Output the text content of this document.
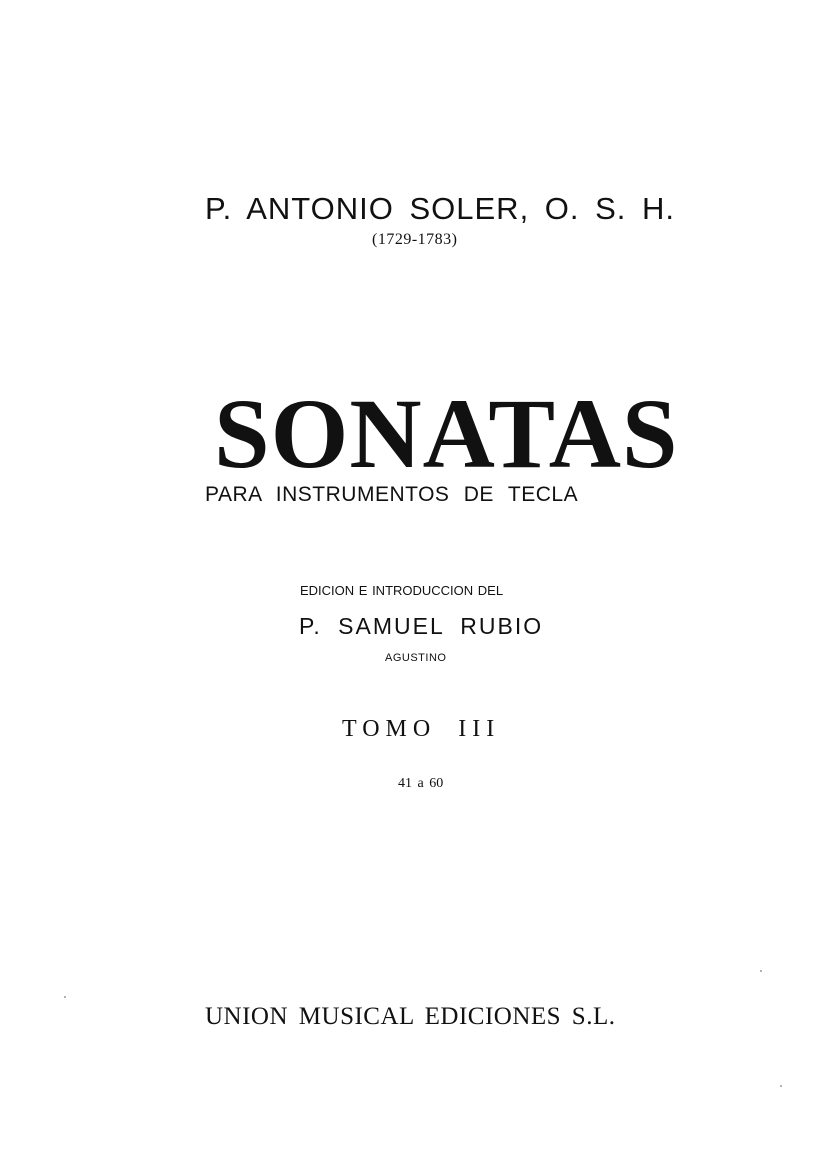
P. ANTONIO SOLER, O. S. H.

(1729-1783)

SONATAS

PARA INSTRUMENTOS DE TECLA

EDICION E INTRODUCCION DEL

P. SAMUEL RUBIO

AGUSTINO

TOMO III

41 a 60

UNION MUSICAL EDICIONES S.L.
